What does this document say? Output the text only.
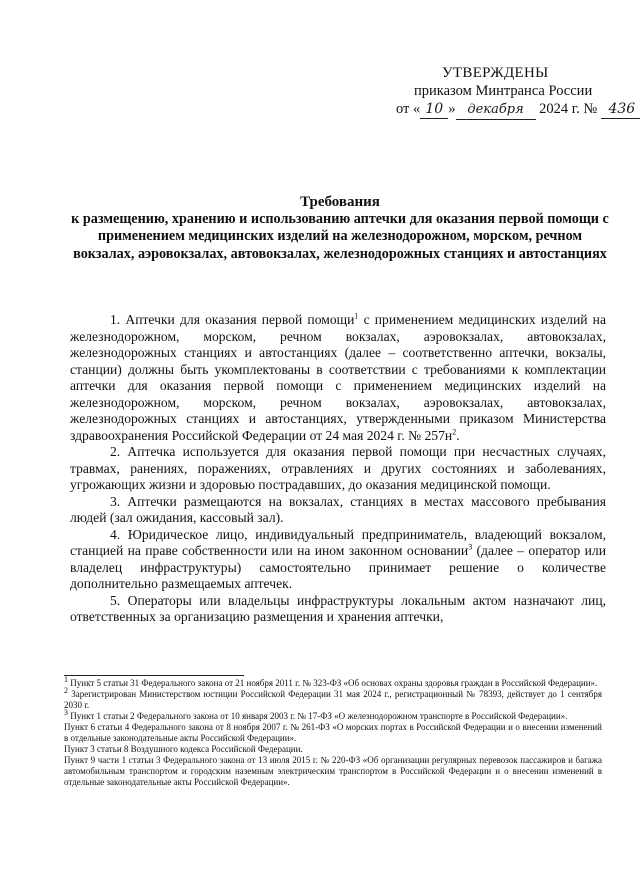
УТВЕРЖДЕНЫ
приказом Минтранса России
от « 10 » декабря 2024 г. № 436
Требования
к размещению, хранению и использованию аптечки для оказания первой помощи с применением медицинских изделий на железнодорожном, морском, речном вокзалах, аэровокзалах, автовокзалах, железнодорожных станциях и автостанциях

1. Аптечки для оказания первой помощи$^1$ с применением медицинских изделий на железнодорожном, морском, речном вокзалах, аэровокзалах, автовокзалах, железнодорожных станциях и автостанциях (далее – соответственно аптечки, вокзалы, станции) должны быть укомплектованы в соответствии с требованиями к комплектации аптечки для оказания первой помощи с применением медицинских изделий на железнодорожном, морском, речном вокзалах, аэровокзалах, автовокзалах, железнодорожных станциях и автостанциях, утвержденными приказом Министерства здравоохранения Российской Федерации от 24 мая 2024 г. № $257н^2$.

2. Аптечка используется для оказания первой помощи при несчастных случаях, травмах, ранениях, поражениях, отравлениях и других состояниях и заболеваниях, угрожающих жизни и здоровью пострадавших, до оказания медицинской помощи.

3. Аптечки размещаются на вокзалах, станциях в местах массового пребывания людей (зал ожидания, кассовый зал).

4. Юридическое лицо, индивидуальный предприниматель, владеющий вокзалом, станцией на праве собственности или на ином законном основании$^3$ (далее – оператор или владелец инфраструктуры) самостоятельно принимает решение о количестве дополнительно размещаемых аптечек.

5. Операторы или владельцы инфраструктуры локальным актом назначают лиц, ответственных за организацию размещения и хранения аптечки,

$^1$ Пункт 5 статьи 31 Федерального закона от 21 ноября 2011 г. № 323-ФЗ «Об основах охраны здоровья граждан в Российской Федерации».

$^2$ Зарегистрирован Министерством юстиции Российской Федерации 31 мая 2024 г., регистрационный № 78393, действует до 1 сентября 2030 г.

$^3$ Пункт 1 статьи 2 Федерального закона от 10 января 2003 г. № 17-ФЗ «О железнодорожном транспорте в Российской Федерации».

Пункт 6 статьи 4 Федерального закона от 8 ноября 2007 г. № 261-ФЗ «О морских портах в Российской Федерации и о внесении изменений в отдельные законодательные акты Российской Федерации».

Пункт 3 статьи 8 Воздушного кодекса Российской Федерации.

Пункт 9 части 1 статьи 3 Федерального закона от 13 июля 2015 г. № 220-ФЗ «Об организации регулярных перевозок пассажиров и багажа автомобильным транспортом и городским наземным электрическим транспортом в Российской Федерации и о внесении изменений в отдельные законодательные акты Российской Федерации».
